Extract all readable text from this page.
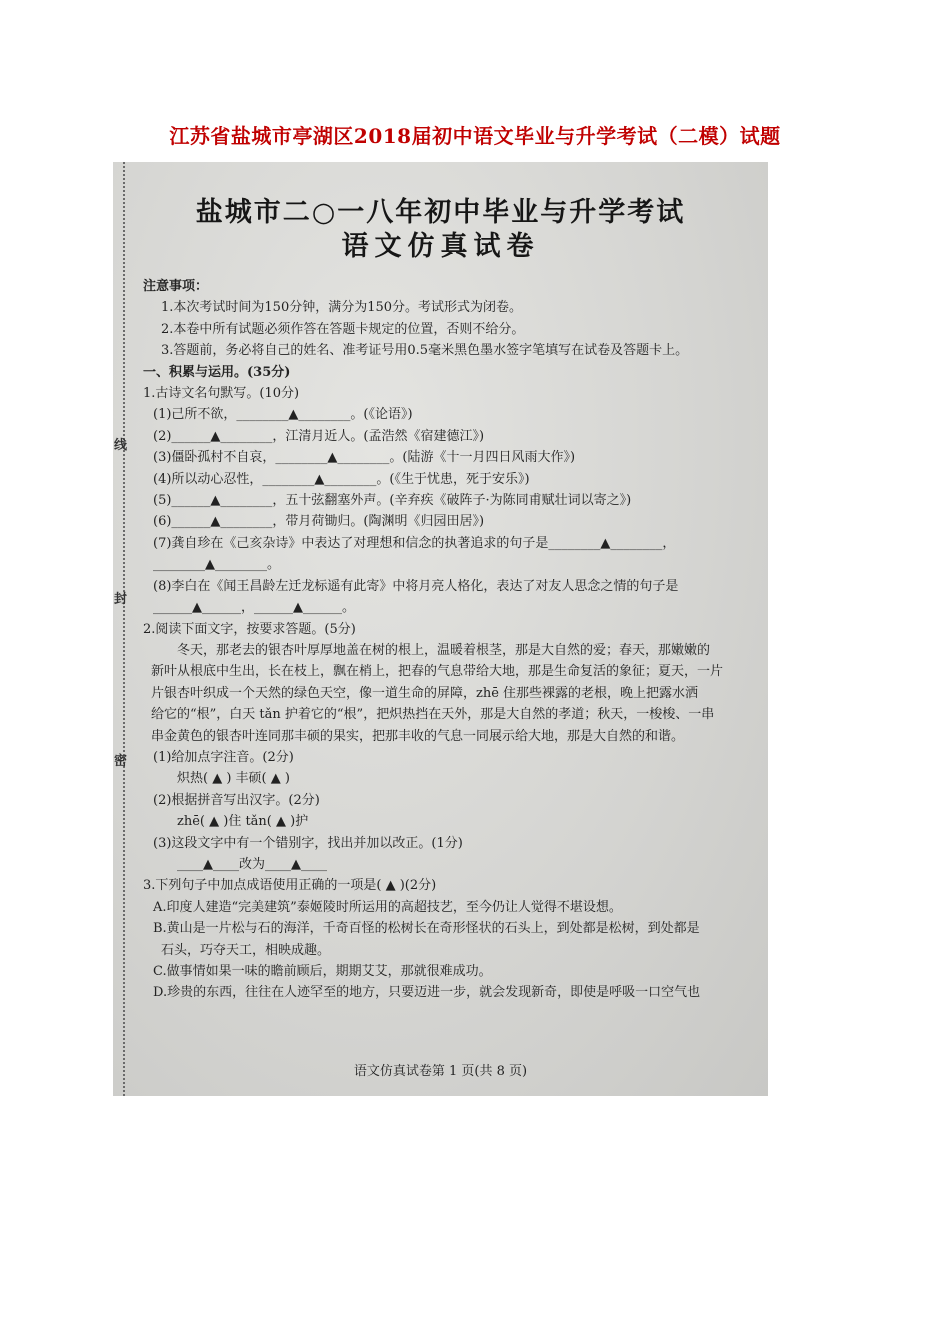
江苏省盐城市亭湖区2018届初中语文毕业与升学考试（二模）试题
线
封
密
盐城市二○一八年初中毕业与升学考试
语文仿真试卷

注意事项：

1.本次考试时间为150分钟，满分为150分。考试形式为闭卷。

2.本卷中所有试题必须作答在答题卡规定的位置，否则不给分。

3.答题前，务必将自己的姓名、准考证号用0.5毫米黑色墨水签字笔填写在试卷及答题卡上。

一、积累与运用。(35分)

1.古诗文名句默写。(10分)

(1)己所不欲，________▲________。(《论语》)

(2)______▲________，江清月近人。(孟浩然《宿建德江》)

(3)僵卧孤村不自哀，________▲________。(陆游《十一月四日风雨大作》)

(4)所以动心忍性，________▲________。(《生于忧患，死于安乐》)

(5)______▲________，五十弦翻塞外声。(辛弃疾《破阵子·为陈同甫赋壮词以寄之》)

(6)______▲________，带月荷锄归。(陶渊明《归园田居》)

(7)龚自珍在《己亥杂诗》中表达了对理想和信念的执著追求的句子是________▲________，

________▲________。

(8)李白在《闻王昌龄左迁龙标遥有此寄》中将月亮人格化，表达了对友人思念之情的句子是

______▲______，______▲______。

2.阅读下面文字，按要求答题。(5分)

冬天，那老去的银杏叶厚厚地盖在树的根上，温暖着根茎，那是大自然的爱；春天，那嫩嫩的

新叶从根底中生出，长在枝上，飘在梢上，把春的气息带给大地，那是生命复活的象征；夏天，一片

片银杏叶织成一个天然的绿色天空，像一道生命的屏障，zhē 住那些裸露的老根，晚上把露水洒

给它的“根”，白天 tǎn 护着它的“根”，把炽热挡在天外，那是大自然的孝道；秋天，一梭梭、一串

串金黄色的银杏叶连同那丰硕的果实，把那丰收的气息一同展示给大地，那是大自然的和谐。

(1)给加点字注音。(2分)

炽热( ▲ ) 丰硕( ▲ )

(2)根据拼音写出汉字。(2分)

zhē( ▲ )住 tǎn( ▲ )护

(3)这段文字中有一个错别字，找出并加以改正。(1分)

____▲____改为____▲____

3.下列句子中加点成语使用正确的一项是( ▲ )(2分)

A.印度人建造“完美建筑”泰姬陵时所运用的高超技艺，至今仍让人觉得不堪设想。

B.黄山是一片松与石的海洋，千奇百怪的松树长在奇形怪状的石头上，到处都是松树，到处都是

石头，巧夺天工，相映成趣。

C.做事情如果一味的瞻前顾后，期期艾艾，那就很难成功。

D.珍贵的东西，往往在人迹罕至的地方，只要迈进一步，就会发现新奇，即使是呼吸一口空气也

语文仿真试卷第 1 页(共 8 页)
